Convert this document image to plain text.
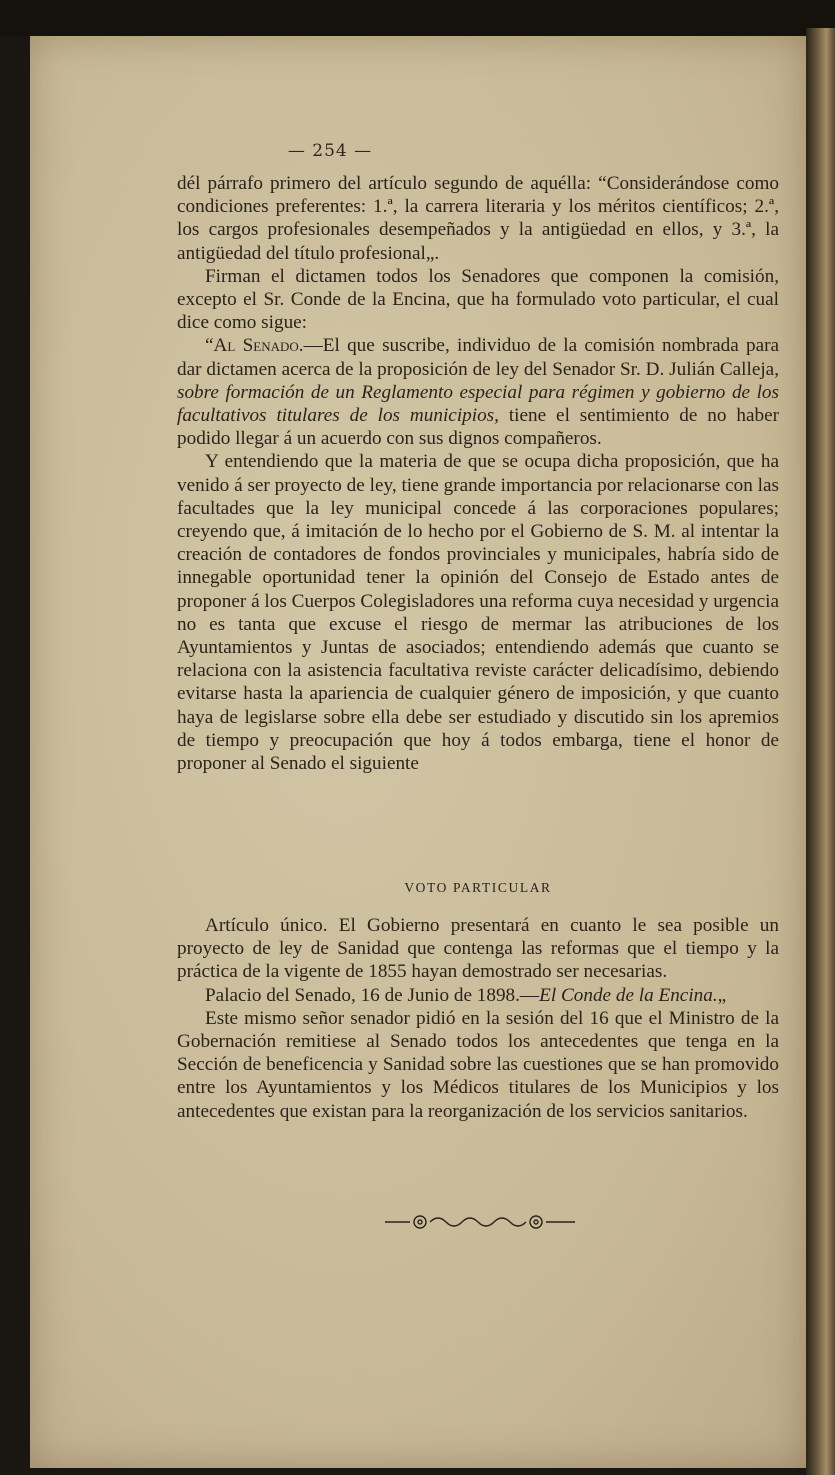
— 254 —

dél párrafo primero del artículo segundo de aquélla: “Considerándose como condiciones preferentes: 1.ª, la carrera literaria y los méritos científicos; 2.ª, los cargos profesionales desempeñados y la antigüedad en ellos, y 3.ª, la antigüedad del título profesional„.

Firman el dictamen todos los Senadores que componen la comisión, excepto el Sr. Conde de la Encina, que ha formulado voto particular, el cual dice como sigue:

“Al Senado.—El que suscribe, individuo de la comisión nombrada para dar dictamen acerca de la proposición de ley del Senador Sr. D. Julián Calleja, sobre formación de un Reglamento especial para régimen y gobierno de los facultativos titulares de los municipios, tiene el sentimiento de no haber podido llegar á un acuerdo con sus dignos compañeros.

Y entendiendo que la materia de que se ocupa dicha proposición, que ha venido á ser proyecto de ley, tiene grande importancia por relacionarse con las facultades que la ley municipal concede á las corporaciones populares; creyendo que, á imitación de lo hecho por el Gobierno de S. M. al intentar la creación de contadores de fondos provinciales y municipales, habría sido de innegable oportunidad tener la opinión del Consejo de Estado antes de proponer á los Cuerpos Colegisladores una reforma cuya necesidad y urgencia no es tanta que excuse el riesgo de mermar las atribuciones de los Ayuntamientos y Juntas de asociados; entendiendo además que cuanto se relaciona con la asistencia facultativa reviste carácter delicadísimo, debiendo evitarse hasta la apariencia de cualquier género de imposición, y que cuanto haya de legislarse sobre ella debe ser estudiado y discutido sin los apremios de tiempo y preocupación que hoy á todos embarga, tiene el honor de proponer al Senado el siguiente

VOTO PARTICULAR

Artículo único. El Gobierno presentará en cuanto le sea posible un proyecto de ley de Sanidad que contenga las reformas que el tiempo y la práctica de la vigente de 1855 hayan demostrado ser necesarias.

Palacio del Senado, 16 de Junio de 1898.—El Conde de la Encina.„

Este mismo señor senador pidió en la sesión del 16 que el Ministro de la Gobernación remitiese al Senado todos los antecedentes que tenga en la Sección de beneficencia y Sanidad sobre las cuestiones que se han promovido entre los Ayuntamientos y los Médicos titulares de los Municipios y los antecedentes que existan para la reorganización de los servicios sanitarios.
